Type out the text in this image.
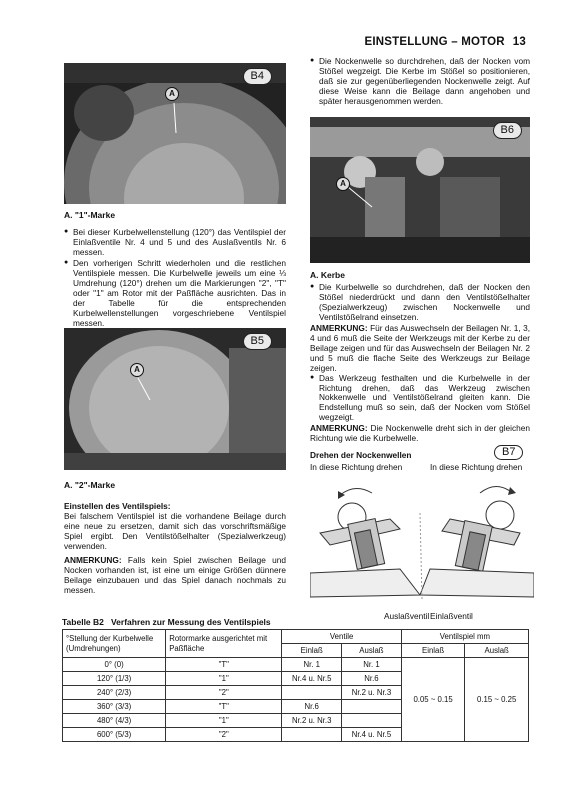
EINSTELLUNG – MOTOR 13
B4
A
A. "1"-Marke
● Bei dieser Kurbelwellenstellung (120°) das Ventilspiel der Einlaßventile Nr. 4 und 5 und des Auslaßventils Nr. 6 messen.
● Den vorherigen Schritt wiederholen und die restlichen Ventilspiele messen. Die Kurbelwelle jeweils um eine ⅓ Umdrehung (120°) drehen um die Markierungen "2", "T" oder "1" am Rotor mit der Paßfläche ausrichten. Das in der Tabelle für die entsprechenden Kurbelwellenstellungen vorgeschriebene Ventilspiel messen.
B5
A
A. "2"-Marke
Einstellen des Ventilspiels:

Bei falschem Ventilspiel ist die vorhandene Beilage durch eine neue zu ersetzen, damit sich das vorschriftsmäßige Spiel ergibt. Den Ventilstößelhalter (Spezialwerkzeug) verwenden.

ANMERKUNG: Falls kein Spiel zwischen Beilage und Nocken vorhanden ist, ist eine um einige Größen dünnere Beilage einzubauen und das Spiel danach nochmals zu messen.

● Die Nockenwelle so durchdrehen, daß der Nocken vom Stößel wegzeigt. Die Kerbe im Stößel so positionieren, daß sie zur gegenüberliegenden Nockenwelle zeigt. Auf diese Weise kann die Beilage dann angehoben und später herausgenommen werden.
B6
A
A. Kerbe
● Die Kurbelwelle so durchdrehen, daß der Nocken den Stößel niederdrückt und dann den Ventilstößelhalter (Spezialwerkzeug) zwischen Nockenwelle und Ventilstößelrand einsetzen.

ANMERKUNG: Für das Auswechseln der Beilagen Nr. 1, 3, 4 und 6 muß die Seite der Werkzeugs mit der Kerbe zu der Beilage zeigen und für das Auswechseln der Beilagen Nr. 2 und 5 muß die flache Seite des Werkzeugs zur Beilage zeigen.

● Das Werkzeug festhalten und die Kurbelwelle in der Richtung drehen, daß das Werkzeug zwischen Nokkenwelle und Ventilstößelrand gleiten kann. Die Endstellung muß so sein, daß der Nocken vom Stößel wegzeigt.

ANMERKUNG: Die Nockenwelle dreht sich in der gleichen Richtung wie die Kurbelwelle.

Drehen der Nockenwellen	B7
In diese Richtung drehen	In diese Richtung drehen
Auslaßventil Einlaßventil
Tabelle B2 Verfahren zur Messung des Ventilspiels
°Stellung der Kurbelwelle (Umdrehungen)	Rotormarke ausgerichtet mit Paßfläche	Ventile		Ventilspiel mm	
		Einlaß	Auslaß	Einlaß	Auslaß
0° (0)	"T"	Nr. 1	Nr. 1	0.05 ~ 0.15	0.15 ~ 0.25
120° (1/3)	"1"	Nr.4 u. Nr.5	Nr.6		
240° (2/3)	"2"		Nr.2 u. Nr.3		
360° (3/3)	"T"	Nr.6			
480° (4/3)	"1"	Nr.2 u. Nr.3			
600° (5/3)	"2"		Nr.4 u. Nr.5		
